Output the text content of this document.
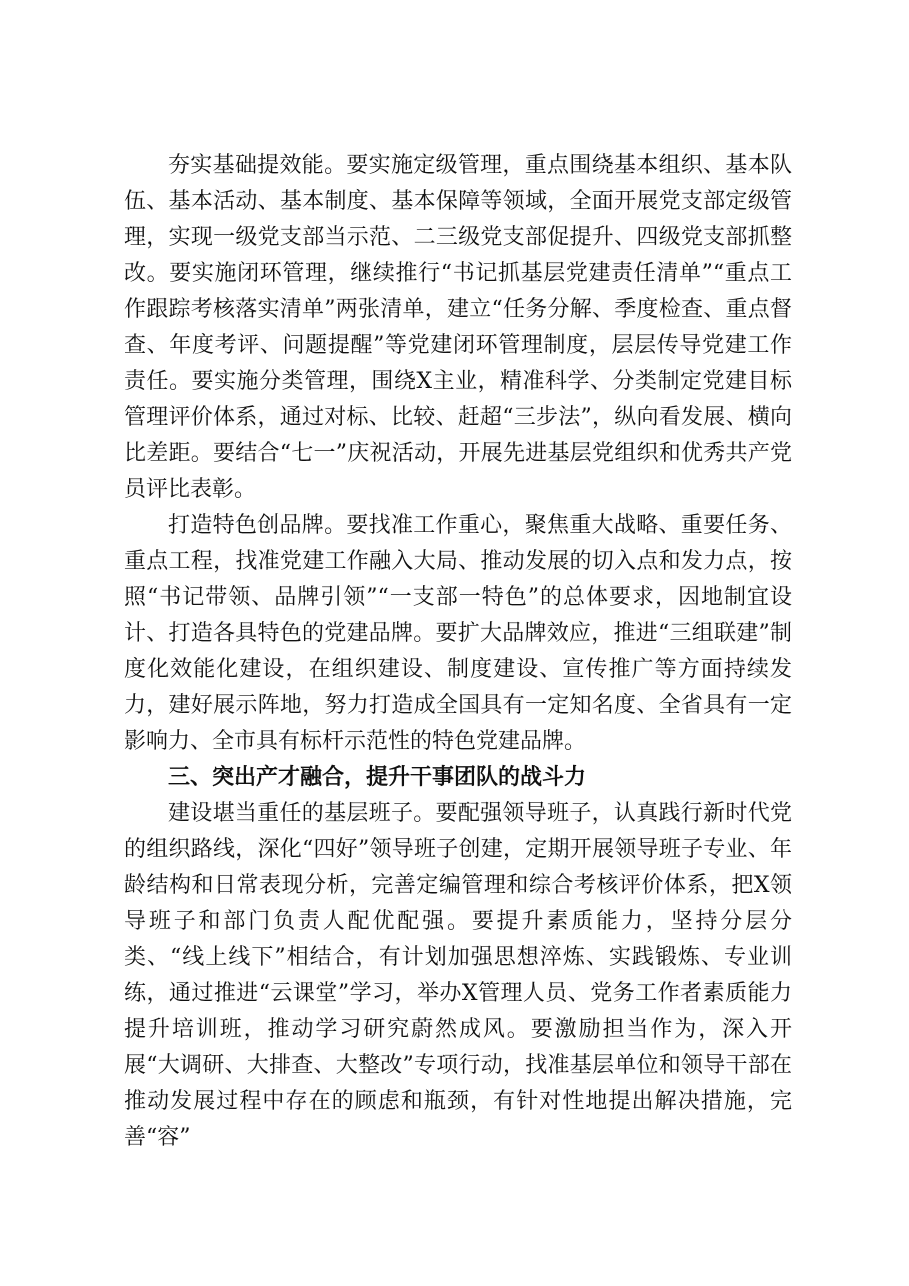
夯实基础提效能。要实施定级管理，重点围绕基本组织、基本队伍、基本活动、基本制度、基本保障等领域，全面开展党支部定级管理，实现一级党支部当示范、二三级党支部促提升、四级党支部抓整改。要实施闭环管理，继续推行“书记抓基层党建责任清单”“重点工作跟踪考核落实清单”两张清单，建立“任务分解、季度检查、重点督查、年度考评、问题提醒”等党建闭环管理制度，层层传导党建工作责任。要实施分类管理，围绕X主业，精准科学、分类制定党建目标管理评价体系，通过对标、比较、赶超“三步法”，纵向看发展、横向比差距。要结合“七一”庆祝活动，开展先进基层党组织和优秀共产党员评比表彰。

打造特色创品牌。要找准工作重心，聚焦重大战略、重要任务、重点工程，找准党建工作融入大局、推动发展的切入点和发力点，按照“书记带领、品牌引领”“一支部一特色”的总体要求，因地制宜设计、打造各具特色的党建品牌。要扩大品牌效应，推进“三组联建”制度化效能化建设，在组织建设、制度建设、宣传推广等方面持续发力，建好展示阵地，努力打造成全国具有一定知名度、全省具有一定影响力、全市具有标杆示范性的特色党建品牌。

三、突出产才融合，提升干事团队的战斗力

建设堪当重任的基层班子。要配强领导班子，认真践行新时代党的组织路线，深化“四好”领导班子创建，定期开展领导班子专业、年龄结构和日常表现分析，完善定编管理和综合考核评价体系，把X领导班子和部门负责人配优配强。要提升素质能力，坚持分层分类、“线上线下”相结合，有计划加强思想淬炼、实践锻炼、专业训练，通过推进“云课堂”学习，举办X管理人员、党务工作者素质能力提升培训班，推动学习研究蔚然成风。要激励担当作为，深入开展“大调研、大排查、大整改”专项行动，找准基层单位和领导干部在推动发展过程中存在的顾虑和瓶颈，有针对性地提出解决措施，完善“容”
